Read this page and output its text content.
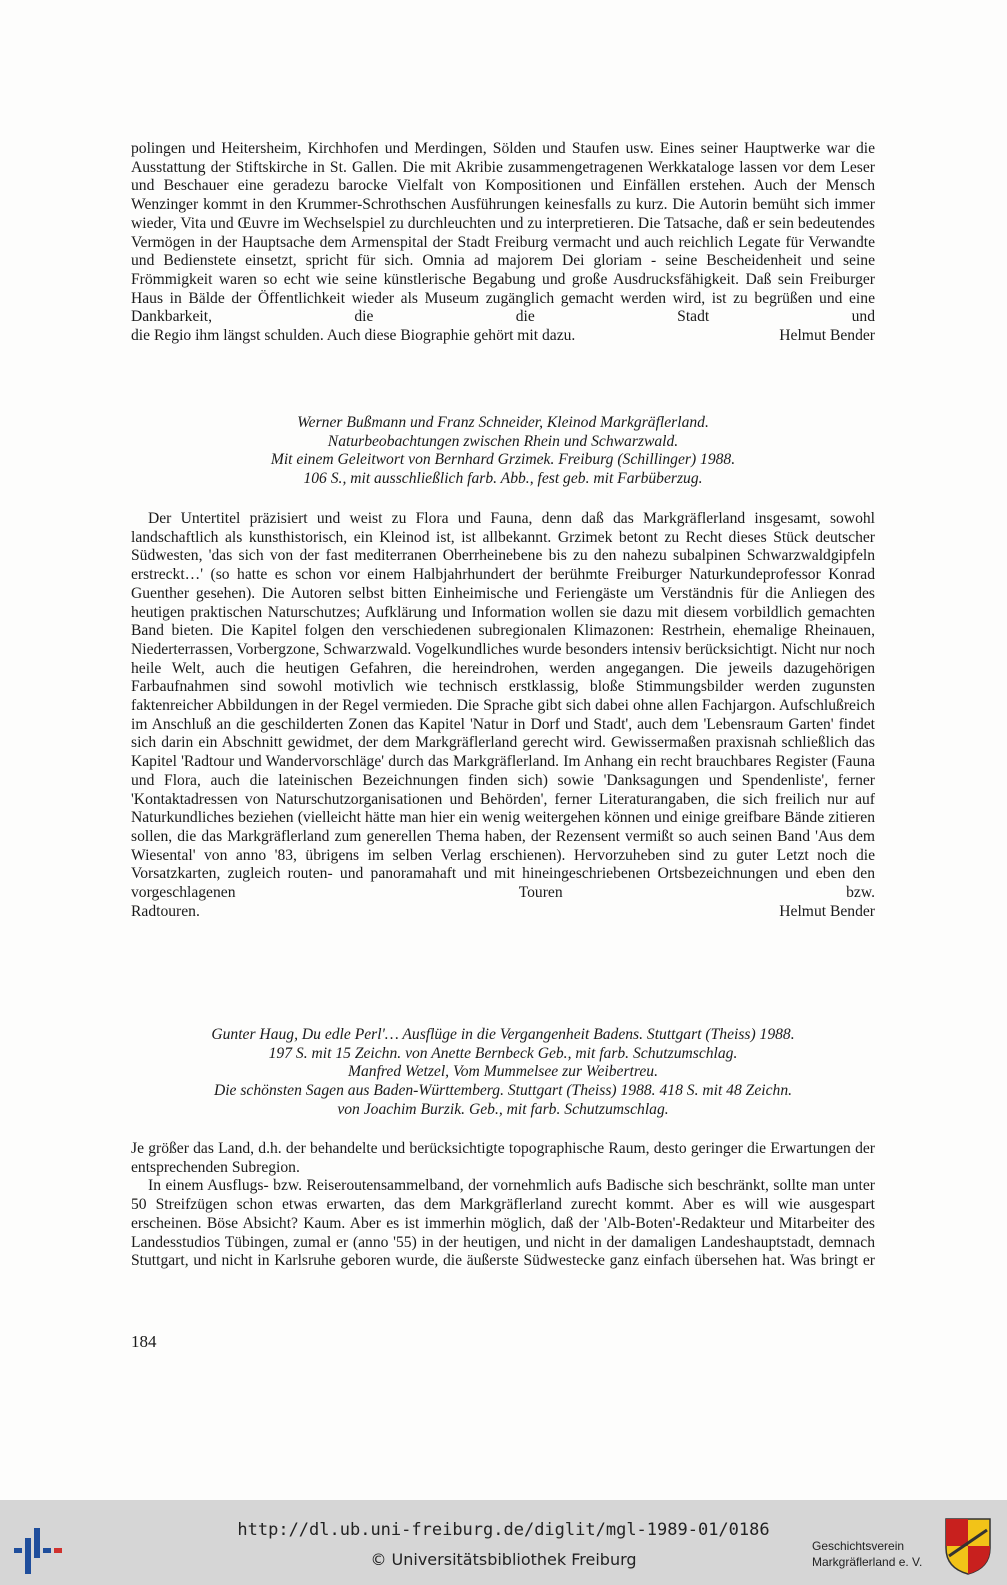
polingen und Heitersheim, Kirchhofen und Merdingen, Sölden und Staufen usw. Eines seiner Hauptwerke war die Ausstattung der Stiftskirche in St. Gallen. Die mit Akribie zusammengetragenen Werkkataloge lassen vor dem Leser und Beschauer eine geradezu barocke Vielfalt von Kompositionen und Einfällen erstehen. Auch der Mensch Wenzinger kommt in den Krummer-Schrothschen Ausführungen keinesfalls zu kurz. Die Autorin bemüht sich immer wieder, Vita und Œuvre im Wechselspiel zu durchleuchten und zu interpretieren. Die Tatsache, daß er sein bedeutendes Vermögen in der Hauptsache dem Armenspital der Stadt Freiburg vermacht und auch reichlich Legate für Verwandte und Bedienstete einsetzt, spricht für sich. Omnia ad majorem Dei gloriam - seine Bescheidenheit und seine Frömmigkeit waren so echt wie seine künstlerische Begabung und große Ausdrucksfähigkeit. Daß sein Freiburger Haus in Bälde der Öffentlichkeit wieder als Museum zugänglich gemacht werden wird, ist zu begrüßen und eine Dankbarkeit, die die Stadt und

die Regio ihm längst schulden. Auch diese Biographie gehört mit dazu.	Helmut Bender
Werner Bußmann und Franz Schneider, Kleinod Markgräflerland.
Naturbeobachtungen zwischen Rhein und Schwarzwald.
Mit einem Geleitwort von Bernhard Grzimek. Freiburg (Schillinger) 1988.
106 S., mit ausschließlich farb. Abb., fest geb. mit Farbüberzug.

Der Untertitel präzisiert und weist zu Flora und Fauna, denn daß das Markgräflerland insgesamt, sowohl landschaftlich als kunsthistorisch, ein Kleinod ist, ist allbekannt. Grzimek betont zu Recht dieses Stück deutscher Südwesten, 'das sich von der fast mediterranen Oberrheinebene bis zu den nahezu subalpinen Schwarzwaldgipfeln erstreckt…' (so hatte es schon vor einem Halbjahrhundert der berühmte Freiburger Naturkundeprofessor Konrad Guenther gesehen). Die Autoren selbst bitten Einheimische und Feriengäste um Verständnis für die Anliegen des heutigen praktischen Naturschutzes; Aufklärung und Information wollen sie dazu mit diesem vorbildlich gemachten Band bieten. Die Kapitel folgen den verschiedenen subregionalen Klimazonen: Restrhein, ehemalige Rheinauen, Niederterrassen, Vorbergzone, Schwarzwald. Vogelkundliches wurde besonders intensiv berücksichtigt. Nicht nur noch heile Welt, auch die heutigen Gefahren, die hereindrohen, werden angegangen. Die jeweils dazugehörigen Farbaufnahmen sind sowohl motivlich wie technisch erstklassig, bloße Stimmungsbilder werden zugunsten faktenreicher Abbildungen in der Regel vermieden. Die Sprache gibt sich dabei ohne allen Fachjargon. Aufschlußreich im Anschluß an die geschilderten Zonen das Kapitel 'Natur in Dorf und Stadt', auch dem 'Lebensraum Garten' findet sich darin ein Abschnitt gewidmet, der dem Markgräflerland gerecht wird. Gewissermaßen praxisnah schließlich das Kapitel 'Radtour und Wandervorschläge' durch das Markgräflerland. Im Anhang ein recht brauchbares Register (Fauna und Flora, auch die lateinischen Bezeichnungen finden sich) sowie 'Danksagungen und Spendenliste', ferner 'Kontaktadressen von Naturschutzorganisationen und Behörden', ferner Literaturangaben, die sich freilich nur auf Naturkundliches beziehen (vielleicht hätte man hier ein wenig weitergehen können und einige greifbare Bände zitieren sollen, die das Markgräflerland zum generellen Thema haben, der Rezensent vermißt so auch seinen Band 'Aus dem Wiesental' von anno '83, übrigens im selben Verlag erschienen). Hervorzuheben sind zu guter Letzt noch die Vorsatzkarten, zugleich routen- und panoramahaft und mit hineingeschriebenen Ortsbezeichnungen und eben den vorgeschlagenen Touren bzw.

Radtouren.	Helmut Bender
Gunter Haug, Du edle Perl'… Ausflüge in die Vergangenheit Badens. Stuttgart (Theiss) 1988.
197 S. mit 15 Zeichn. von Anette Bernbeck Geb., mit farb. Schutzumschlag.
Manfred Wetzel, Vom Mummelsee zur Weibertreu.
Die schönsten Sagen aus Baden-Württemberg. Stuttgart (Theiss) 1988. 418 S. mit 48 Zeichn.
von Joachim Burzik. Geb., mit farb. Schutzumschlag.

Je größer das Land, d.h. der behandelte und berücksichtigte topographische Raum, desto geringer die Erwartungen der entsprechenden Subregion.

In einem Ausflugs- bzw. Reiseroutensammelband, der vornehmlich aufs Badische sich beschränkt, sollte man unter 50 Streifzügen schon etwas erwarten, das dem Markgräflerland zurecht kommt. Aber es will wie ausgespart erscheinen. Böse Absicht? Kaum. Aber es ist immerhin möglich, daß der 'Alb-Boten'-Redakteur und Mitarbeiter des Landesstudios Tübingen, zumal er (anno '55) in der heutigen, und nicht in der damaligen Landeshauptstadt, demnach Stuttgart, und nicht in Karlsruhe geboren wurde, die äußerste Südwestecke ganz einfach übersehen hat. Was bringt er

184
http://dl.ub.uni-freiburg.de/diglit/mgl-1989-01/0186
© Universitätsbibliothek Freiburg
Geschichtsverein
Markgräflerland e. V.
